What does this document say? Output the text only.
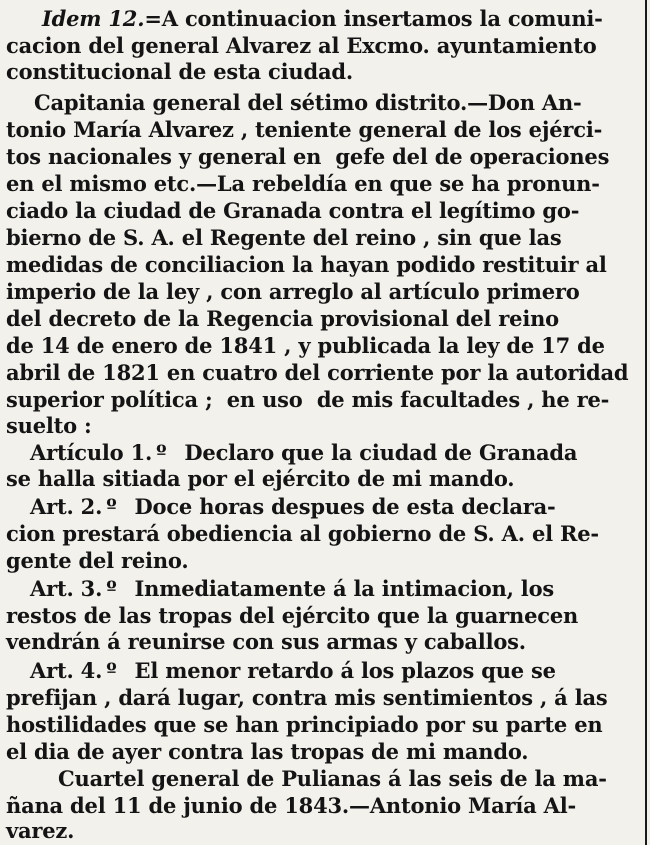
Idem 12.=A continuacion insertamos la comuni-
cacion del general Alvarez al Excmo. ayuntamiento
constitucional de esta ciudad.
Capitania general del sétimo distrito.—Don An-
tonio María Alvarez , teniente general de los ejérci-
tos nacionales y general en  gefe del de operaciones
en el mismo etc.—La rebeldía en que se ha pronun-
ciado la ciudad de Granada contra el legítimo go-
bierno de S. A. el Regente del reino , sin que las
medidas de conciliacion la hayan podido restituir al
imperio de la ley , con arreglo al artículo primero
del decreto de la Regencia provisional del reino
de 14 de enero de 1841 , y publicada la ley de 17 de
abril de 1821 en cuatro del corriente por la autoridad
superior política ;  en uso  de mis facultades , he re-
suelto :
Artículo 1. º Declaro que la ciudad de Granada
se halla sitiada por el ejército de mi mando.
Art. 2. º Doce horas despues de esta declara-
cion prestará obediencia al gobierno de S. A. el Re-
gente del reino.
Art. 3. º Inmediatamente á la intimacion, los
restos de las tropas del ejército que la guarnecen
vendrán á reunirse con sus armas y caballos.
Art. 4. º El menor retardo á los plazos que se
prefijan , dará lugar, contra mis sentimientos , á las
hostilidades que se han principiado por su parte en
el dia de ayer contra las tropas de mi mando.
Cuartel general de Pulianas á las seis de la ma-
ñana del 11 de junio de 1843.—Antonio María Al-
varez.
